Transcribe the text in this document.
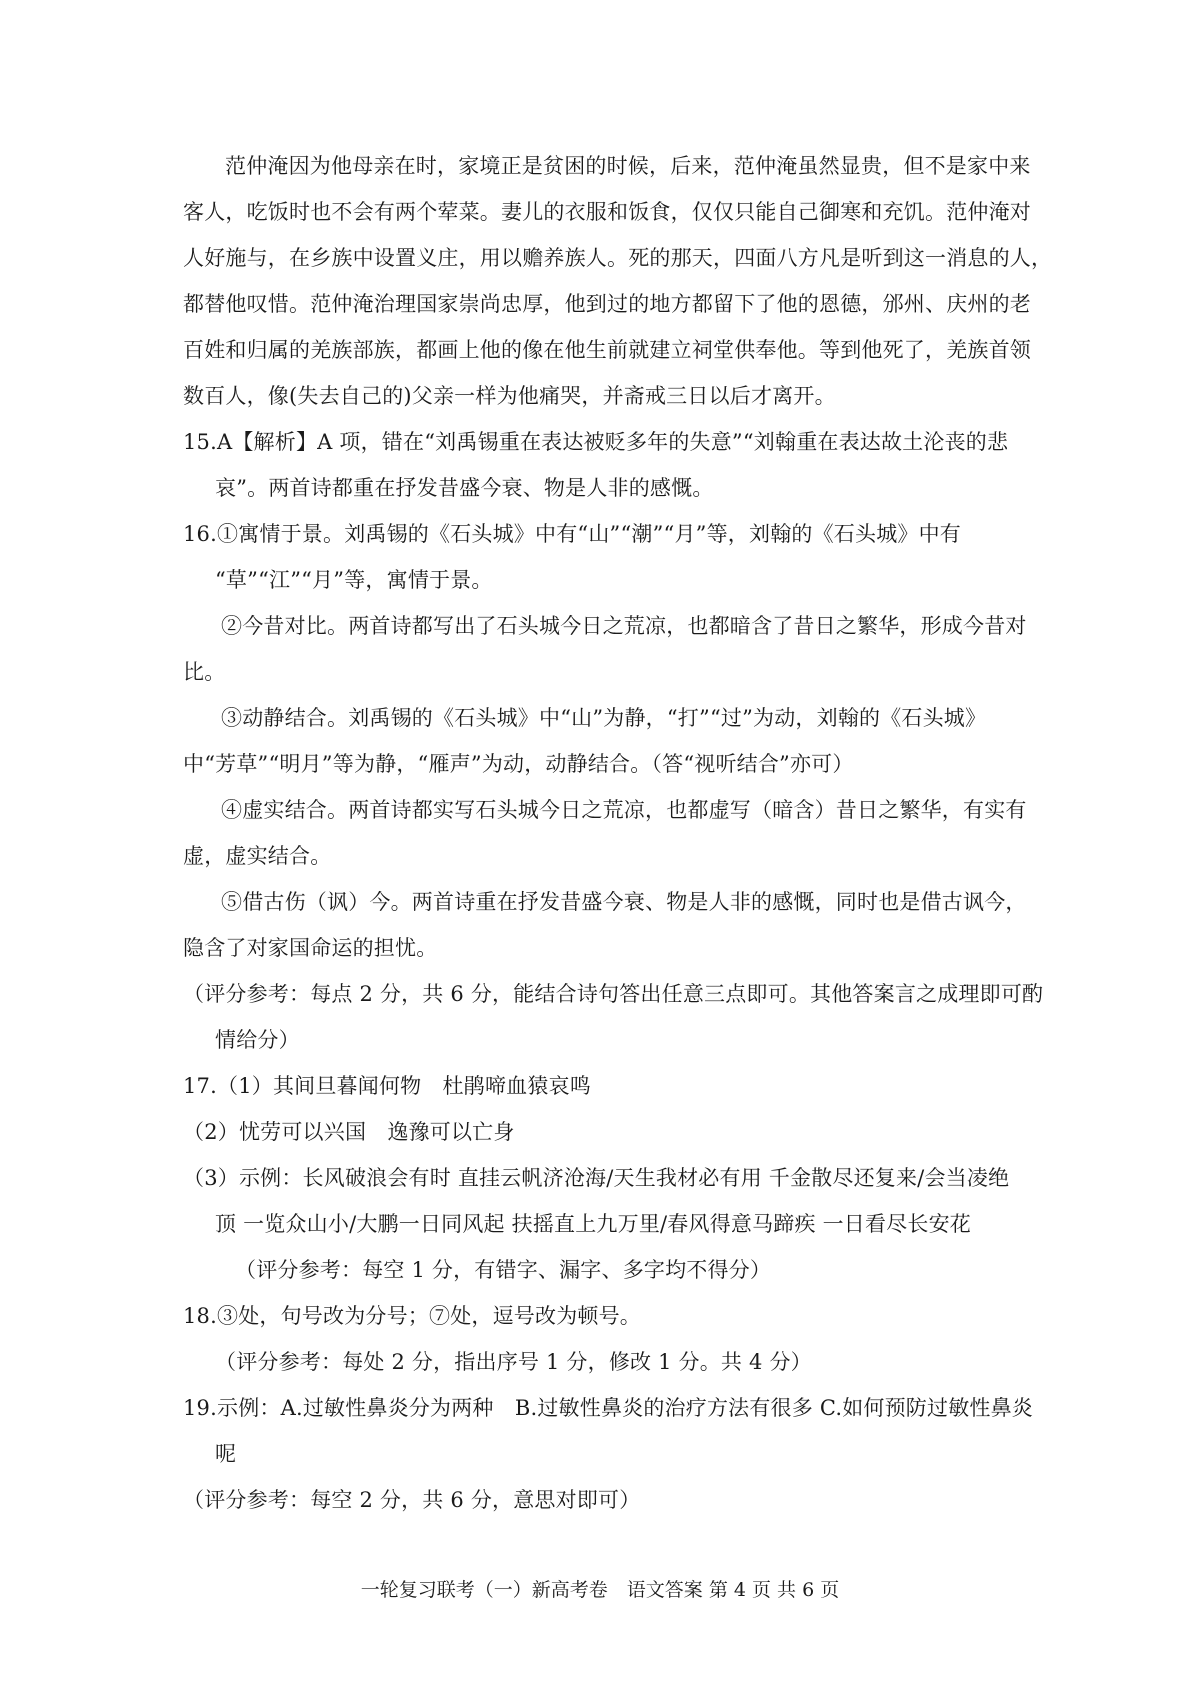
范仲淹因为他母亲在时，家境正是贫困的时候，后来，范仲淹虽然显贵，但不是家中来
客人，吃饭时也不会有两个荤菜。妻儿的衣服和饭食，仅仅只能自己御寒和充饥。范仲淹对
人好施与，在乡族中设置义庄，用以赡养族人。死的那天，四面八方凡是听到这一消息的人，
都替他叹惜。范仲淹治理国家崇尚忠厚，他到过的地方都留下了他的恩德，邠州、庆州的老
百姓和归属的羌族部族，都画上他的像在他生前就建立祠堂供奉他。等到他死了，羌族首领
数百人，像(失去自己的)父亲一样为他痛哭，并斋戒三日以后才离开。
15.A【解析】A 项，错在“刘禹锡重在表达被贬多年的失意”“刘翰重在表达故土沦丧的悲
哀”。两首诗都重在抒发昔盛今衰、物是人非的感慨。
16.①寓情于景。刘禹锡的《石头城》中有“山”“潮”“月”等，刘翰的《石头城》中有
“草”“江”“月”等，寓情于景。
②今昔对比。两首诗都写出了石头城今日之荒凉，也都暗含了昔日之繁华，形成今昔对
比。
③动静结合。刘禹锡的《石头城》中“山”为静，“打”“过”为动，刘翰的《石头城》
中“芳草”“明月”等为静，“雁声”为动，动静结合。（答“视听结合”亦可）
④虚实结合。两首诗都实写石头城今日之荒凉，也都虚写（暗含）昔日之繁华，有实有
虚，虚实结合。
⑤借古伤（讽）今。两首诗重在抒发昔盛今衰、物是人非的感慨，同时也是借古讽今，
隐含了对家国命运的担忧。
（评分参考：每点 2 分，共 6 分，能结合诗句答出任意三点即可。其他答案言之成理即可酌
情给分）
17.（1）其间旦暮闻何物　杜鹃啼血猿哀鸣
（2）忧劳可以兴国　逸豫可以亡身
（3）示例：长风破浪会有时 直挂云帆济沧海/天生我材必有用 千金散尽还复来/会当凌绝
顶 一览众山小/大鹏一日同风起 扶摇直上九万里/春风得意马蹄疾 一日看尽长安花
（评分参考：每空 1 分，有错字、漏字、多字均不得分）
18.③处，句号改为分号；⑦处，逗号改为顿号。
（评分参考：每处 2 分，指出序号 1 分，修改 1 分。共 4 分）
19.示例：A.过敏性鼻炎分为两种　B.过敏性鼻炎的治疗方法有很多 C.如何预防过敏性鼻炎
呢
（评分参考：每空 2 分，共 6 分，意思对即可）
一轮复习联考（一）新高考卷　语文答案 第 4 页 共 6 页
